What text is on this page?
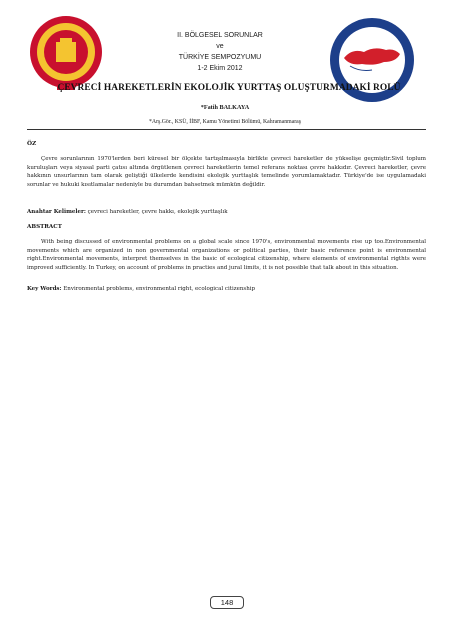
II. BÖLGESEL SORUNLAR
ve
TÜRKİYE SEMPOZYUMU
1-2 Ekim 2012
ÇEVRECİ HAREKETLERİN EKOLOJİK YURTTAŞ OLUŞTURMADAKİ ROLÜ
*Fatih BALKAYA
*Arş.Gör., KSÜ, İİBF, Kamu Yönetimi Bölümü, Kahramanmaraş
ÖZ
Çevre sorunlarının 1970'lerden beri küresel bir ölçekte tartışılmasıyla birlikte çevreci hareketler de yükselişe geçmiştir.Sivil toplum kuruluşları veya siyasal parti çatısı altında örgütlenen çevreci hareketlerin temel referans noktası çevre hakkıdır. Çevreci hareketler, çevre hakkının unsurlarının tam olarak geliştiği ülkelerde kendisini ekolojik yurttaşlık temelinde yorumlamaktadır. Türkiye'de ise uygulamadaki sorunlar ve hukuki kısıtlamalar nedeniyle bu durumdan bahsetmek mümkün değildir.
Anahtar Kelimeler: çevreci hareketler, çevre hakkı, ekolojik yurttaşlık
ABSTRACT
With being discussed of environmental problems on a global scale since 1970's, environmental movements rise up too.Environmental movements which are organized in non governmental organizations or political parties, their basic reference point is environmental right.Environmental movements, interpret themselves in the basic of ecological citizenship, where elements of environmental rigthts were improved sufficiently. In Turkey, on account of problems in practies and jural limits, it is not possible that talk about in this situation.
Key Words: Environmental problems, environmental right, ecological citizenship
148
